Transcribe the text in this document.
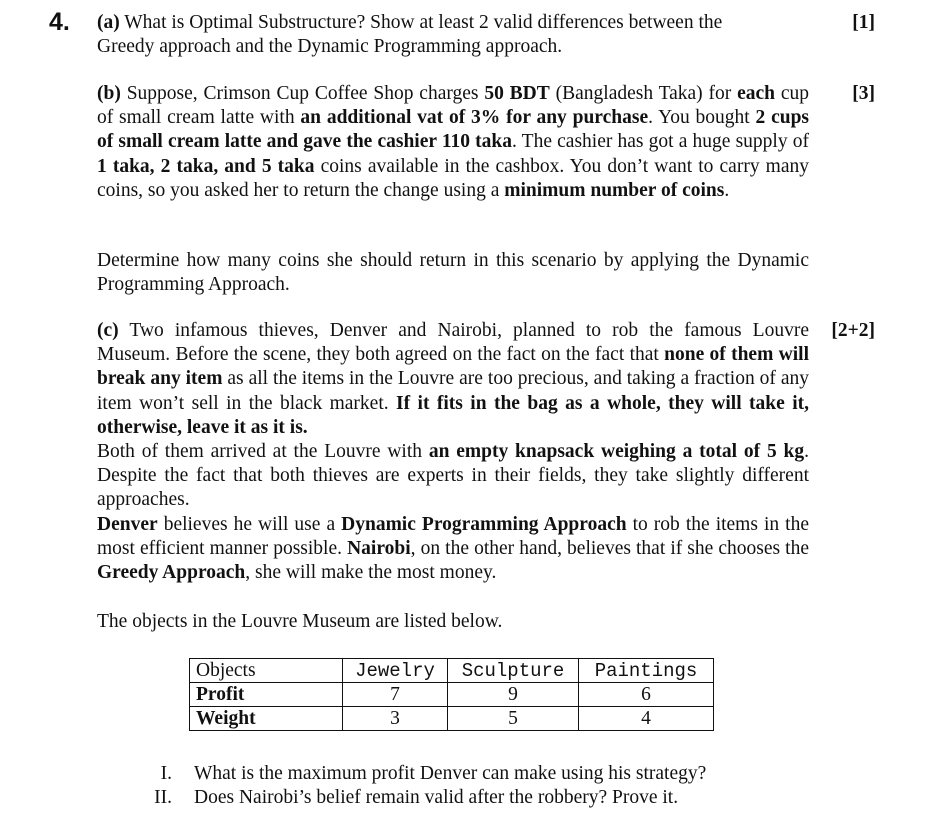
4. (a) What is Optimal Substructure? Show at least 2 valid differences between the
Greedy approach and the Dynamic Programming approach.
[1]
(b) Suppose, Crimson Cup Coffee Shop charges 50 BDT (Bangladesh Taka) for each cup of small cream latte with an additional vat of 3% for any purchase. You bought 2 cups of small cream latte and gave the cashier 110 taka. The cashier has got a huge supply of 1 taka, 2 taka, and 5 taka coins available in the cashbox. You don’t want to carry many coins, so you asked her to return the change using a minimum number of coins.
[3]
Determine how many coins she should return in this scenario by applying the Dynamic Programming Approach.
(c) Two infamous thieves, Denver and Nairobi, planned to rob the famous Louvre Museum. Before the scene, they both agreed on the fact on the fact that none of them will break any item as all the items in the Louvre are too precious, and taking a fraction of any item won’t sell in the black market. If it fits in the bag as a whole, they will take it, otherwise, leave it as it is.
[2+2]
Both of them arrived at the Louvre with an empty knapsack weighing a total of 5 kg. Despite the fact that both thieves are experts in their fields, they take slightly different approaches.
Denver believes he will use a Dynamic Programming Approach to rob the items in the most efficient manner possible. Nairobi, on the other hand, believes that if she chooses the Greedy Approach, she will make the most money.
The objects in the Louvre Museum are listed below.
Objects	Jewelry	Sculpture	Paintings
Profit	7	9	6
Weight	3	5	4
I. What is the maximum profit Denver can make using his strategy?
II. Does Nairobi’s belief remain valid after the robbery? Prove it.
